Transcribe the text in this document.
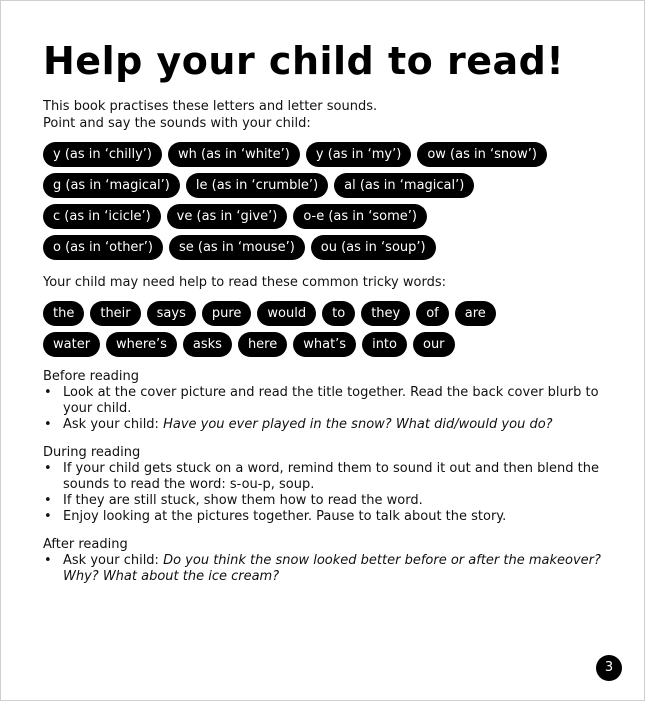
Help your child to read!
This book practises these letters and letter sounds.
Point and say the sounds with your child:
y (as in ‘chilly’)	wh (as in ‘white’)	y (as in ‘my’)	ow (as in ‘snow’)
g (as in ‘magical’)	le (as in ‘crumble’)	al (as in ‘magical’)
c (as in ‘icicle’)	ve (as in ‘give’)	o-e (as in ‘some’)
o (as in ‘other’)	se (as in ‘mouse’)	ou (as in ‘soup’)
Your child may need help to read these common tricky words:
the	their	says	pure	would	to	they	of	are
water	where’s	asks	here	what’s	into	our
Before reading
• Look at the cover picture and read the title together. Read the back cover blurb to your child.
• Ask your child: Have you ever played in the snow? What did/would you do?
During reading
• If your child gets stuck on a word, remind them to sound it out and then blend the sounds to read the word: s-ou-p, soup.
• If they are still stuck, show them how to read the word.
• Enjoy looking at the pictures together. Pause to talk about the story.
After reading
• Ask your child: Do you think the snow looked better before or after the makeover? Why? What about the ice cream?
3
